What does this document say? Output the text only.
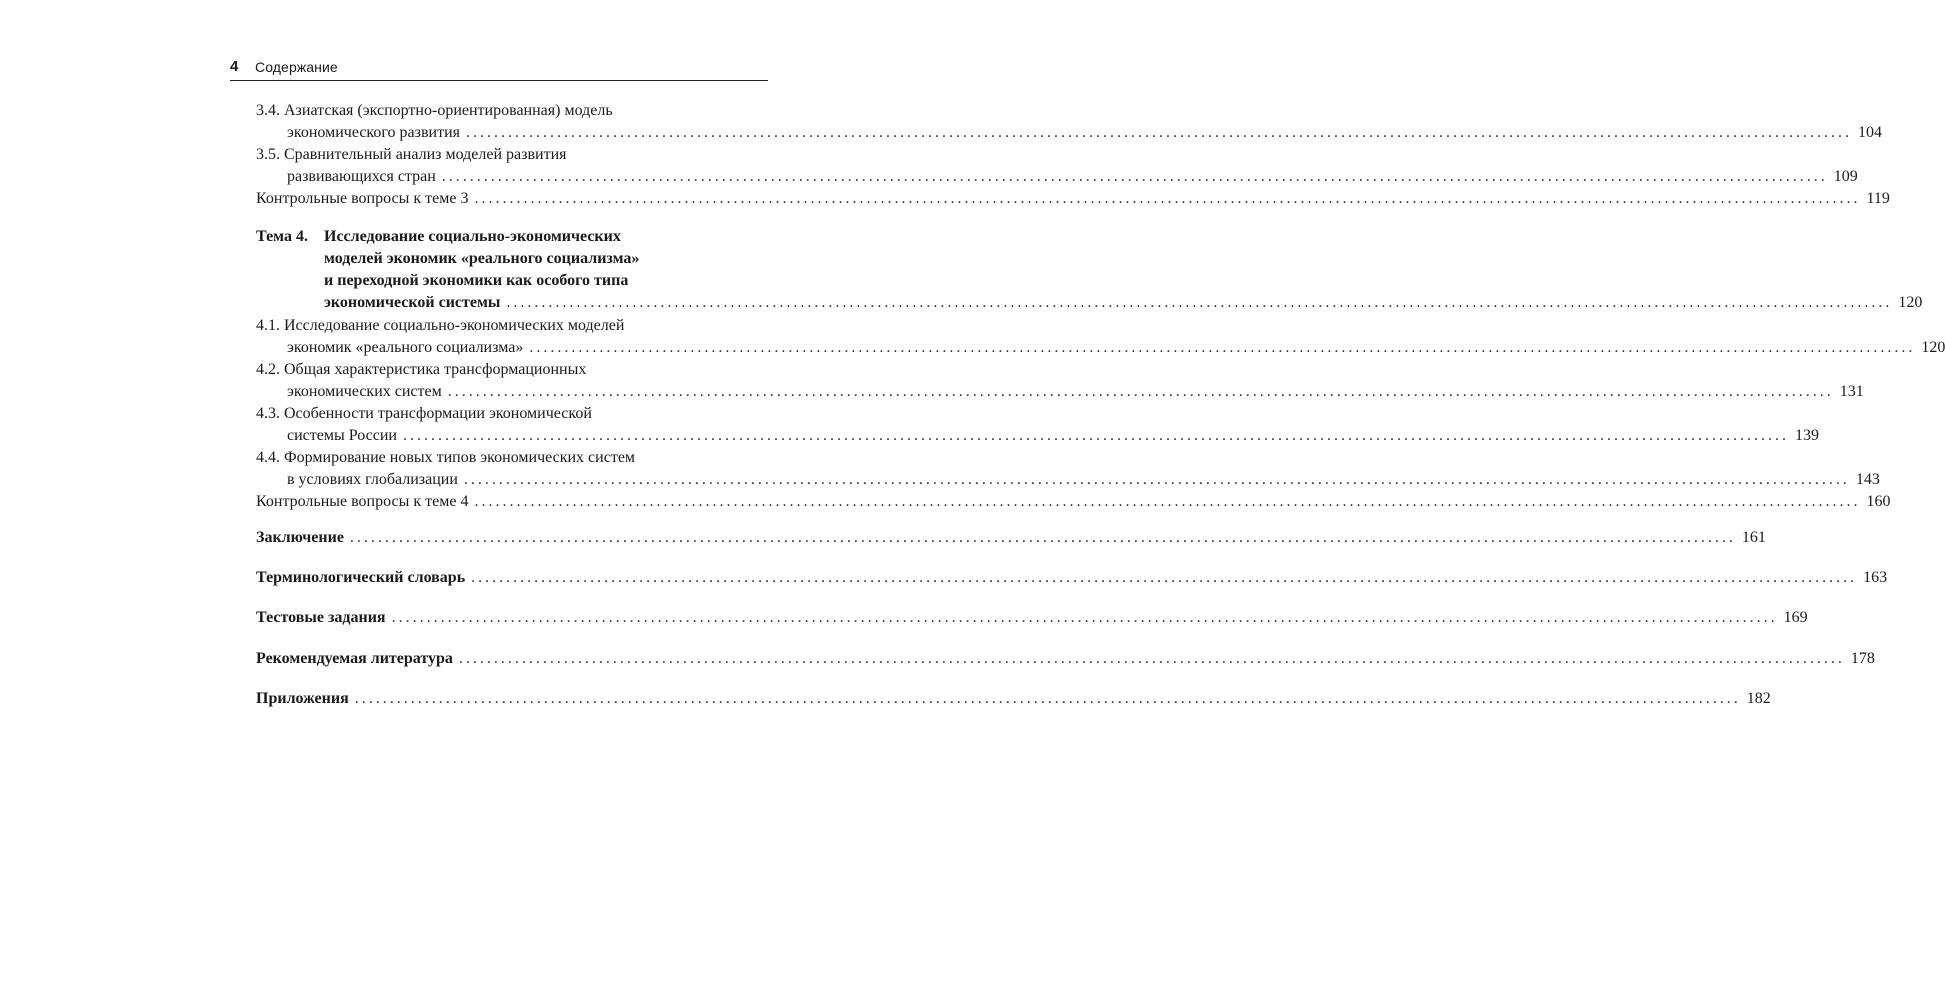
4 Содержание
3.4. Азиатская (экспортно-ориентированная) модель
экономического развития ...................................................................................................................................................................................................... 104
3.5. Сравнительный анализ моделей развития
развивающихся стран ...................................................................................................................................................................................................... 109
Контрольные вопросы к теме 3 ...................................................................................................................................................................................................... 119
Тема 4. Исследование социально-экономических
моделей экономик «реального социализма»
и переходной экономики как особого типа
экономической системы ...................................................................................................................................................................................................... 120
4.1. Исследование социально-экономических моделей
экономик «реального социализма» ...................................................................................................................................................................................................... 120
4.2. Общая характеристика трансформационных
экономических систем ...................................................................................................................................................................................................... 131
4.3. Особенности трансформации экономической
системы России ...................................................................................................................................................................................................... 139
4.4. Формирование новых типов экономических систем
в условиях глобализации ...................................................................................................................................................................................................... 143
Контрольные вопросы к теме 4 ...................................................................................................................................................................................................... 160
Заключение ...................................................................................................................................................................................................... 161
Терминологический словарь ...................................................................................................................................................................................................... 163
Тестовые задания ...................................................................................................................................................................................................... 169
Рекомендуемая литература ...................................................................................................................................................................................................... 178
Приложения ...................................................................................................................................................................................................... 182
